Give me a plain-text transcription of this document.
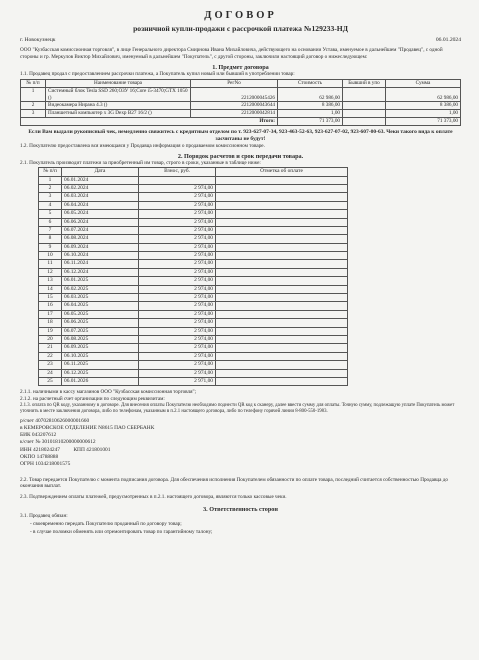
ДОГОВОР
розничной купли-продажи с рассрочкой платежа №129233-НД
г. Новокузнецк	06.01.2024
ООО "Кузбасская комиссионная торговля", в лице Генерального директора Смирнова Ивана Михайловича, действующего на основании Устава, именуемое в дальнейшем "Продавец", с одной стороны и гр. Меркулов Виктор Михайлович, именуемый в дальнейшем "Покупатель", с другой стороны, заключили настоящий договор о нижеследующем:
1. Предмет договора
1.1. Продавец продал с предоставлением рассрочки платежа, а Покупатель купил новый или бывший в употреблении товар:
№ п/п	Наименование товара	РегNo	Стоимость	Бывший в упо	Сумма
1	Системный блок Tesla SSD 260;ОЗУ 16;Core i5-3470;GTX 1050 ()	2212000045426	62 986,00		62 986,00
2	Видеокамера Нирана 4.3 ()	2212000043644	8 386,00		8 386,00
3	Планшетный компьютер x 3G Dexp B27 16/2 ()	2212000042814	1,00		1,00
Итого:			71 373,00		71 373,00
Если Вам выдали рукописный чек, немедленно свяжитесь с кредитным отделом по т. 923-627-07-34, 923-463-52-63, 923-627-07-02, 923-607-00-63. Чеки такого вида к оплате засчитаны не будут!
1.2. Покупателю предоставлена вся имеющаяся у Продавца информация о продаваемом комиссионном товаре.
2. Порядок расчетов и срок передачи товара.
2.1. Покупатель производит платежи за приобретенный им товар, строго в сроки, указанные в таблице ниже:
№ п/п	Дата	Взнос, руб.	Отметка об оплате
1	06.01.2024		
2	06.02.2024	2 974,00	
3	06.03.2024	2 974,00	
4	06.04.2024	2 974,00	
5	06.05.2024	2 974,00	
6	06.06.2024	2 974,00	
7	06.07.2024	2 974,00	
8	06.08.2024	2 974,00	
9	06.09.2024	2 974,00	
10	06.10.2024	2 974,00	
11	06.11.2024	2 974,00	
12	06.12.2024	2 974,00	
13	06.01.2025	2 974,00	
14	06.02.2025	2 974,00	
15	06.03.2025	2 974,00	
16	06.04.2025	2 974,00	
17	06.05.2025	2 974,00	
18	06.06.2025	2 974,00	
19	06.07.2025	2 974,00	
20	06.08.2025	2 974,00	
21	06.09.2025	2 974,00	
22	06.10.2025	2 974,00	
23	06.11.2025	2 974,00	
24	06.12.2025	2 974,00	
25	06.01.2026	2 971,00	
2.1.1. наличными в кассу магазинов ООО "Кузбасская комиссионная торговля";
2.1.2. на расчетный счет организации по следующим реквизитам:
2.1.3. оплата по QR коду, указанному в договоре. Для внесения оплаты Покупателю необходимо поднести QR код к сканеру, далее ввести сумму для оплаты. Точную сумму, подлежащую уплате Покупатель может уточнить в месте заключения договора, либо по телефонам, указанным в п.2.1 настоящего договора, либо по телефону горячей линии 8-800-550-1983.
р/счет 40702810626000001660
в КЕМЕРОВСКОЕ ОТДЕЛЕНИЕ N8615 ПАО СБЕРБАНК
БИК 043207612
к/счет № 30101810200000000612
ИНН 4218024247          КПП 421801001
ОКПО 14788888
ОГРН 1034218001575
2.2. Товар передается Покупателю с момента подписания договора. Для обеспечения исполнения Покупателем обязанности по оплате товара, последний считается собственностью Продавца до окончания выплат.
2.3. Подтверждением оплаты платежей, предусмотренных в п.2.1. настоящего договора, являются только кассовые чеки.
3. Ответственность сторон
3.1. Продавец обязан:
- своевременно передать Покупателю проданный по договору товар;
- в случае поломки обменять или отремонтировать товар по гарантийному талону;
